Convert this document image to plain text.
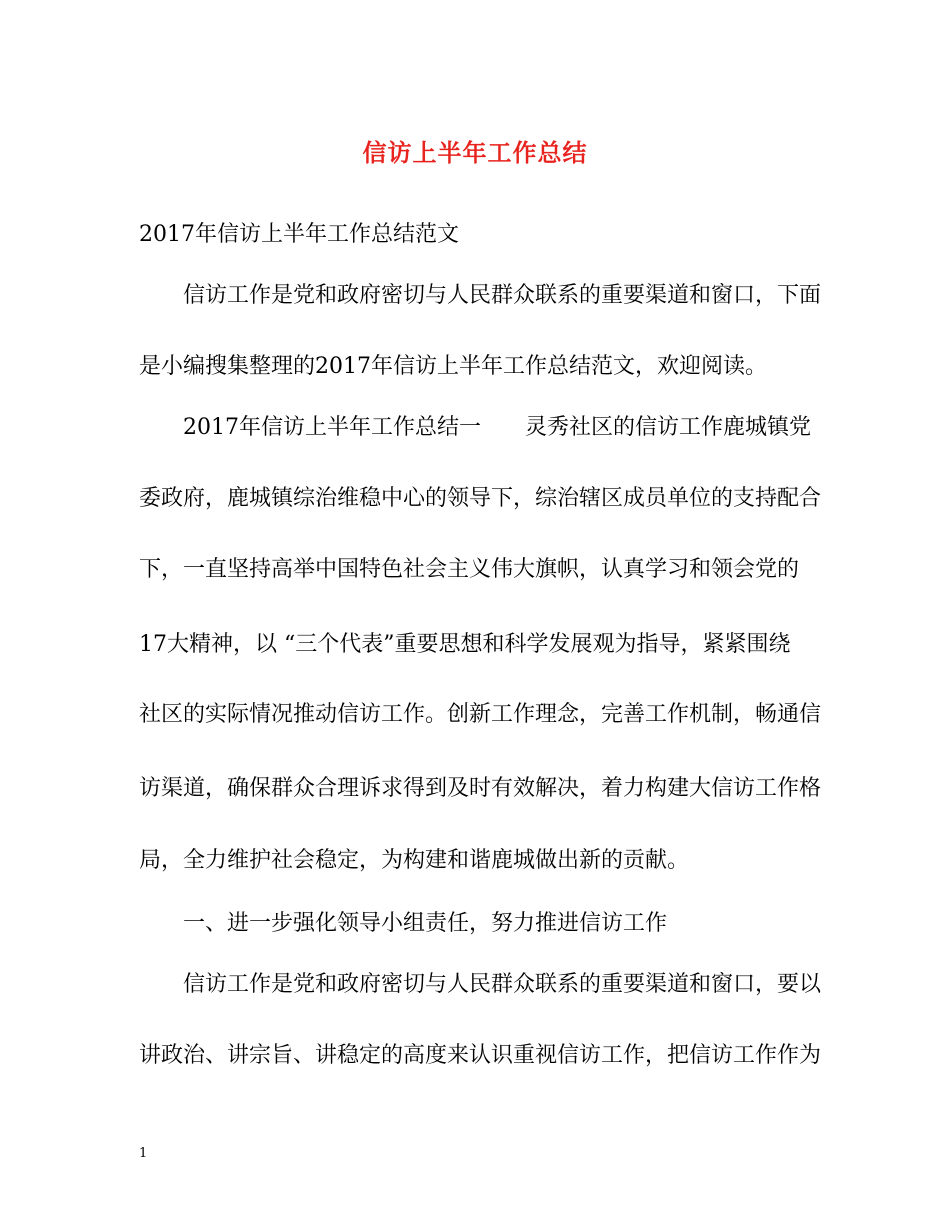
信访上半年工作总结
2017年信访上半年工作总结范文
　　信访工作是党和政府密切与人民群众联系的重要渠道和窗口，下面
是小编搜集整理的2017年信访上半年工作总结范文，欢迎阅读。
　　2017年信访上半年工作总结一　　灵秀社区的信访工作鹿城镇党
委政府，鹿城镇综治维稳中心的领导下，综治辖区成员单位的支持配合
下，一直坚持高举中国特色社会主义伟大旗帜，认真学习和领会党的
17大精神，以 “三个代表”重要思想和科学发展观为指导，紧紧围绕
社区的实际情况推动信访工作。创新工作理念，完善工作机制，畅通信
访渠道，确保群众合理诉求得到及时有效解决，着力构建大信访工作格
局，全力维护社会稳定，为构建和谐鹿城做出新的贡献。
　　一、进一步强化领导小组责任，努力推进信访工作
　　信访工作是党和政府密切与人民群众联系的重要渠道和窗口，要以
讲政治、讲宗旨、讲稳定的高度来认识重视信访工作，把信访工作作为
1
